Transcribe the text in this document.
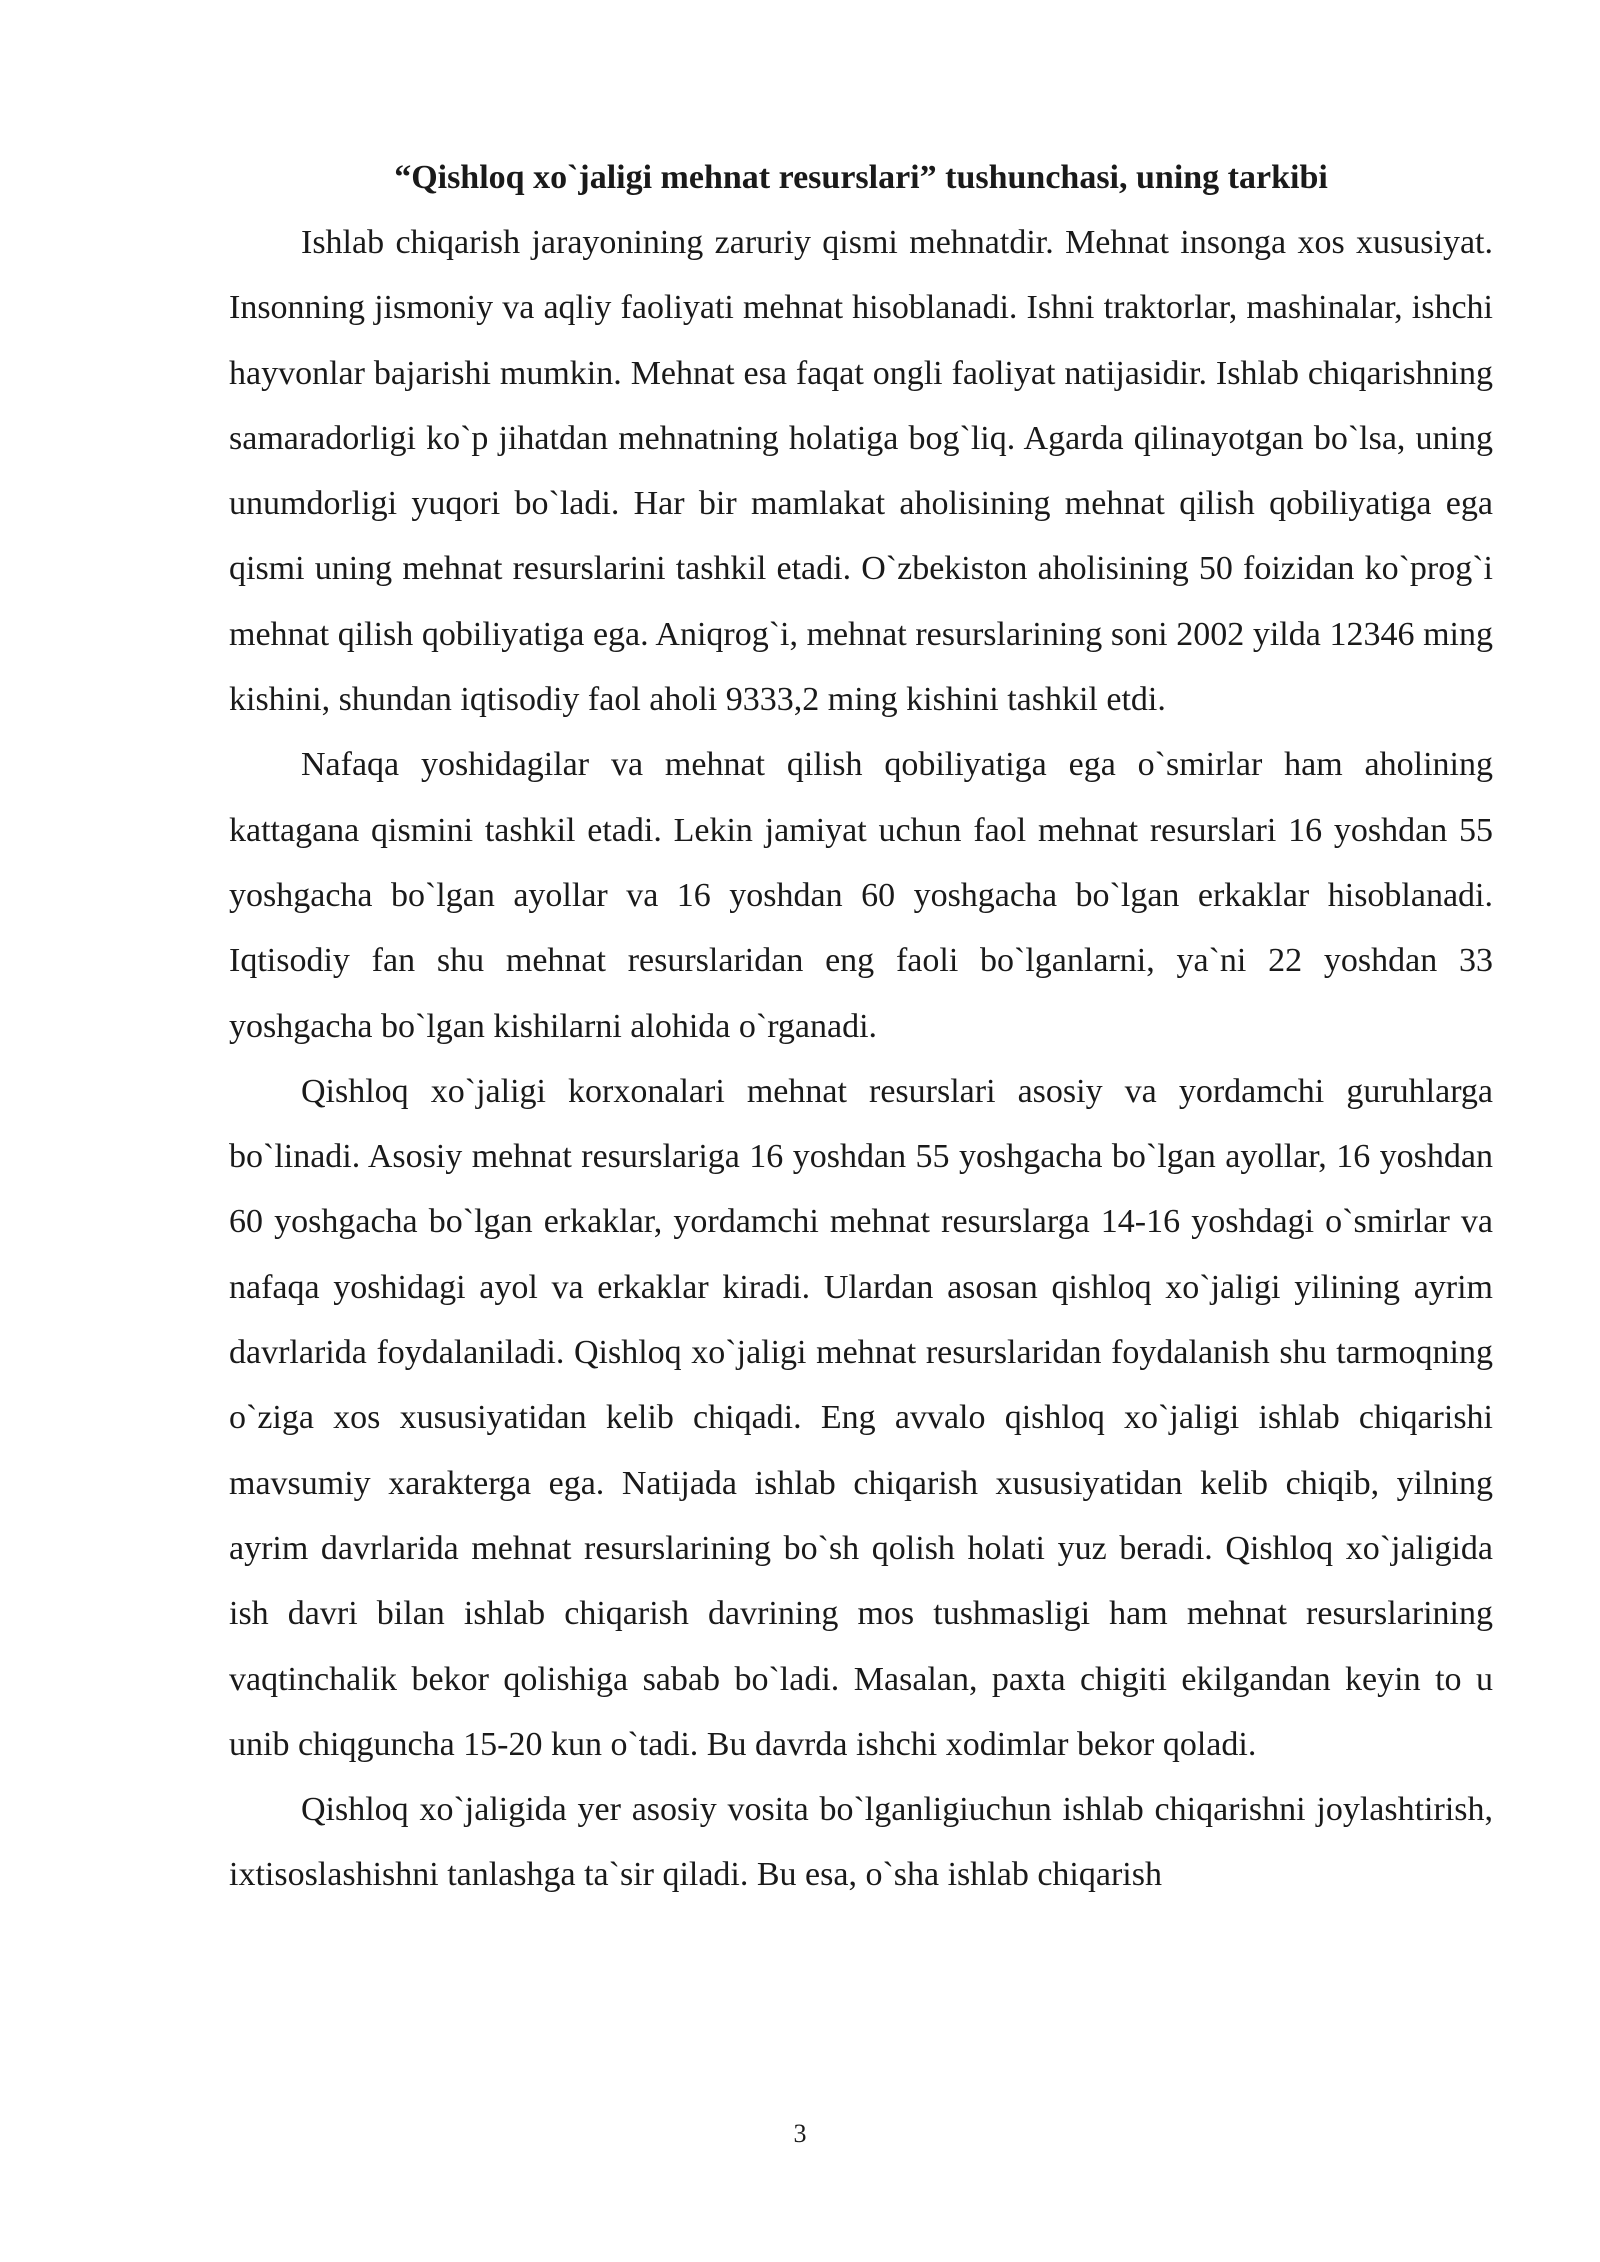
“Qishloq xo`jaligi mehnat resurslari” tushunchasi, uning tarkibi

Ishlab chiqarish jarayonining zaruriy qismi mehnatdir. Mehnat insonga xos xususiyat. Insonning jismoniy va aqliy faoliyati mehnat hisoblanadi. Ishni traktorlar, mashinalar, ishchi hayvonlar bajarishi mumkin. Mehnat esa faqat ongli faoliyat natijasidir. Ishlab chiqarishning samaradorligi ko`p jihatdan mehnatning holatiga bog`liq. Agarda qilinayotgan bo`lsa, uning unumdorligi yuqori bo`ladi. Har bir mamlakat aholisining mehnat qilish qobiliyatiga ega qismi uning mehnat resurslarini tashkil etadi. O`zbekiston aholisining 50 foizidan ko`prog`i mehnat qilish qobiliyatiga ega. Aniqrog`i, mehnat resurslarining soni 2002 yilda 12346 ming kishini, shundan iqtisodiy faol aholi 9333,2 ming kishini tashkil etdi.

Nafaqa yoshidagilar va mehnat qilish qobiliyatiga ega o`smirlar ham aholining kattagana qismini tashkil etadi. Lekin jamiyat uchun faol mehnat resurslari 16 yoshdan 55 yoshgacha bo`lgan ayollar va 16 yoshdan 60 yoshgacha bo`lgan erkaklar hisoblanadi. Iqtisodiy fan shu mehnat resurslaridan eng faoli bo`lganlarni, ya`ni 22 yoshdan 33 yoshgacha bo`lgan kishilarni alohida o`rganadi.

Qishloq xo`jaligi korxonalari mehnat resurslari asosiy va yordamchi guruhlarga bo`linadi. Asosiy mehnat resurslariga 16 yoshdan 55 yoshgacha bo`lgan ayollar, 16 yoshdan 60 yoshgacha bo`lgan erkaklar, yordamchi mehnat resurslarga 14-16 yoshdagi o`smirlar va nafaqa yoshidagi ayol va erkaklar kiradi. Ulardan asosan qishloq xo`jaligi yilining ayrim davrlarida foydalaniladi. Qishloq xo`jaligi mehnat resurslaridan foydalanish shu tarmoqning o`ziga xos xususiyatidan kelib chiqadi. Eng avvalo qishloq xo`jaligi ishlab chiqarishi mavsumiy xarakterga ega. Natijada ishlab chiqarish xususiyatidan kelib chiqib, yilning ayrim davrlarida mehnat resurslarining bo`sh qolish holati yuz beradi. Qishloq xo`jaligida ish davri bilan ishlab chiqarish davrining mos tushmasligi ham mehnat resurslarining vaqtinchalik bekor qolishiga sabab bo`ladi. Masalan, paxta chigiti ekilgandan keyin to u unib chiqguncha 15-20 kun o`tadi. Bu davrda ishchi xodimlar bekor qoladi.

Qishloq xo`jaligida yer asosiy vosita bo`lganligiuchun ishlab chiqarishni joylashtirish, ixtisoslashishni tanlashga ta`sir qiladi. Bu esa, o`sha ishlab chiqarish

3
